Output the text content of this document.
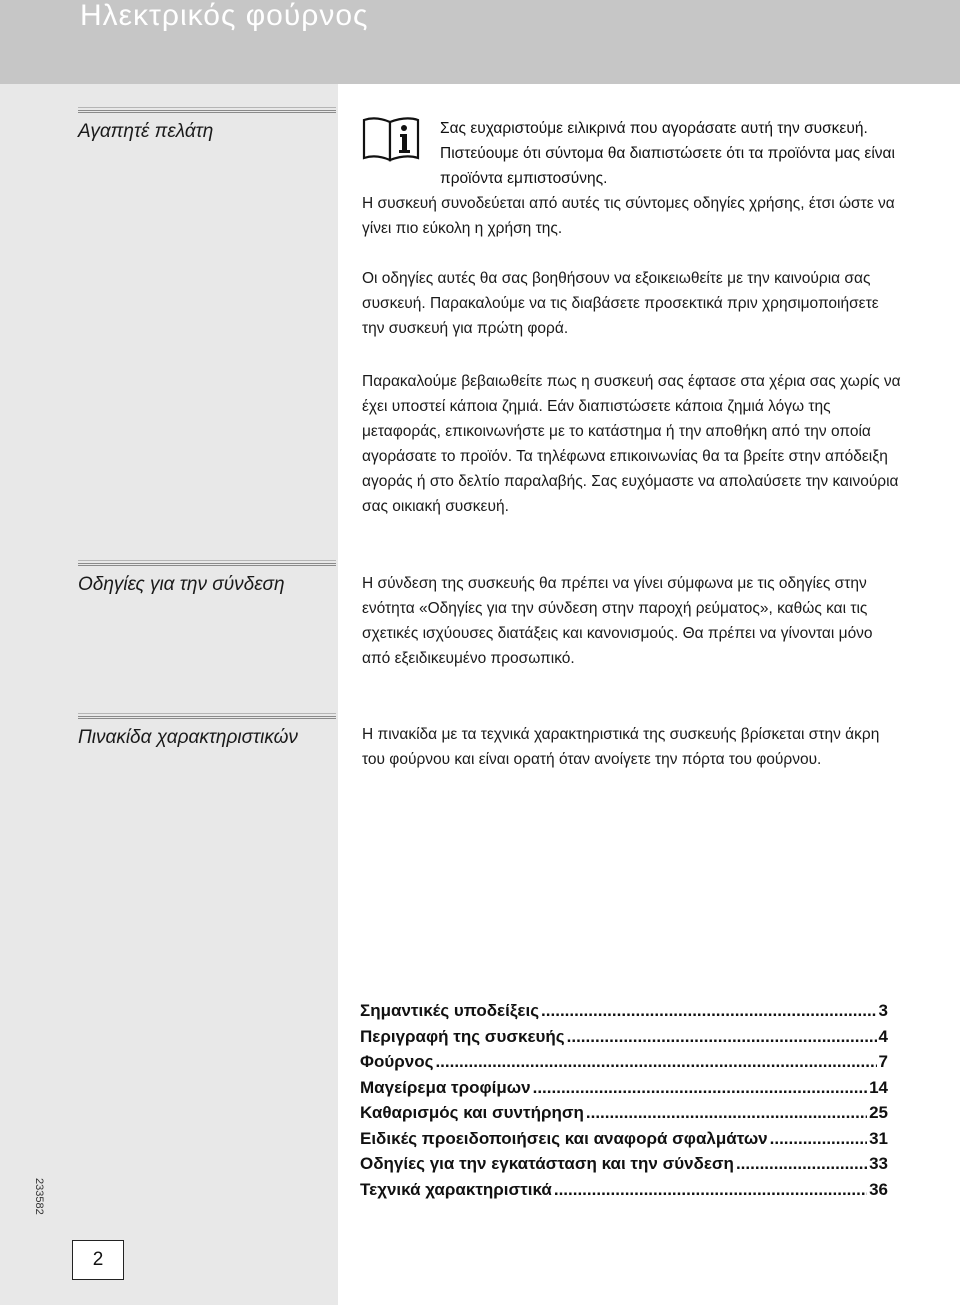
Ηλεκτρικός φούρνος
Αγαπητέ πελάτη	Σας ευχαριστούμε ειλικρινά που αγοράσατε αυτή την συσκευή. Πιστεύουμε ότι σύντομα θα διαπιστώσετε ότι τα προϊόντα μας είναι προϊόντα εμπιστοσύνης.

Η συσκευή συνοδεύεται από αυτές τις σύντομες οδηγίες χρήσης, έτσι ώστε να γίνει πιο εύκολη η χρήση της.

Οι οδηγίες αυτές θα σας βοηθήσουν να εξοικειωθείτε με την καινούρια σας συσκευή. Παρακαλούμε να τις διαβάσετε προσεκτικά πριν χρησιμοποιήσετε την συσκευή για πρώτη φορά.

Παρακαλούμε βεβαιωθείτε πως η συσκευή σας έφτασε στα χέρια σας χωρίς να έχει υποστεί κάποια ζημιά. Εάν διαπιστώσετε κάποια ζημιά λόγω της μεταφοράς, επικοινωνήστε με το κατάστημα ή την αποθήκη από την οποία αγοράσατε το προϊόν. Τα τηλέφωνα επικοινωνίας θα τα βρείτε στην απόδειξη αγοράς ή στο δελτίο παραλαβής. Σας ευχόμαστε να απολαύσετε την καινούρια σας οικιακή συσκευή.

Οδηγίες για την σύνδεση	Η σύνδεση της συσκευής θα πρέπει να γίνει σύμφωνα με τις οδηγίες στην ενότητα «Οδηγίες για την σύνδεση στην παροχή ρεύματος», καθώς και τις σχετικές ισχύουσες διατάξεις και κανονισμούς. Θα πρέπει να γίνονται μόνο από εξειδικευμένο προσωπικό.

Πινακίδα χαρακτηριστικών	Η πινακίδα με τα τεχνικά χαρακτηριστικά της συσκευής βρίσκεται στην άκρη του φούρνου και είναι ορατή όταν ανοίγετε την πόρτα του φούρνου.

Σημαντικές υποδείξεις .....	3
Περιγραφή της συσκευής .....	4
Φούρνος .....	7
Μαγείρεμα τροφίμων .....	14
Καθαρισμός και συντήρηση .....	25
Ειδικές προειδοποιήσεις και αναφορά σφαλμάτων .....	31
Οδηγίες για την εγκατάσταση και την σύνδεση .....	33
Τεχνικά χαρακτηριστικά .....	36
233582
2
